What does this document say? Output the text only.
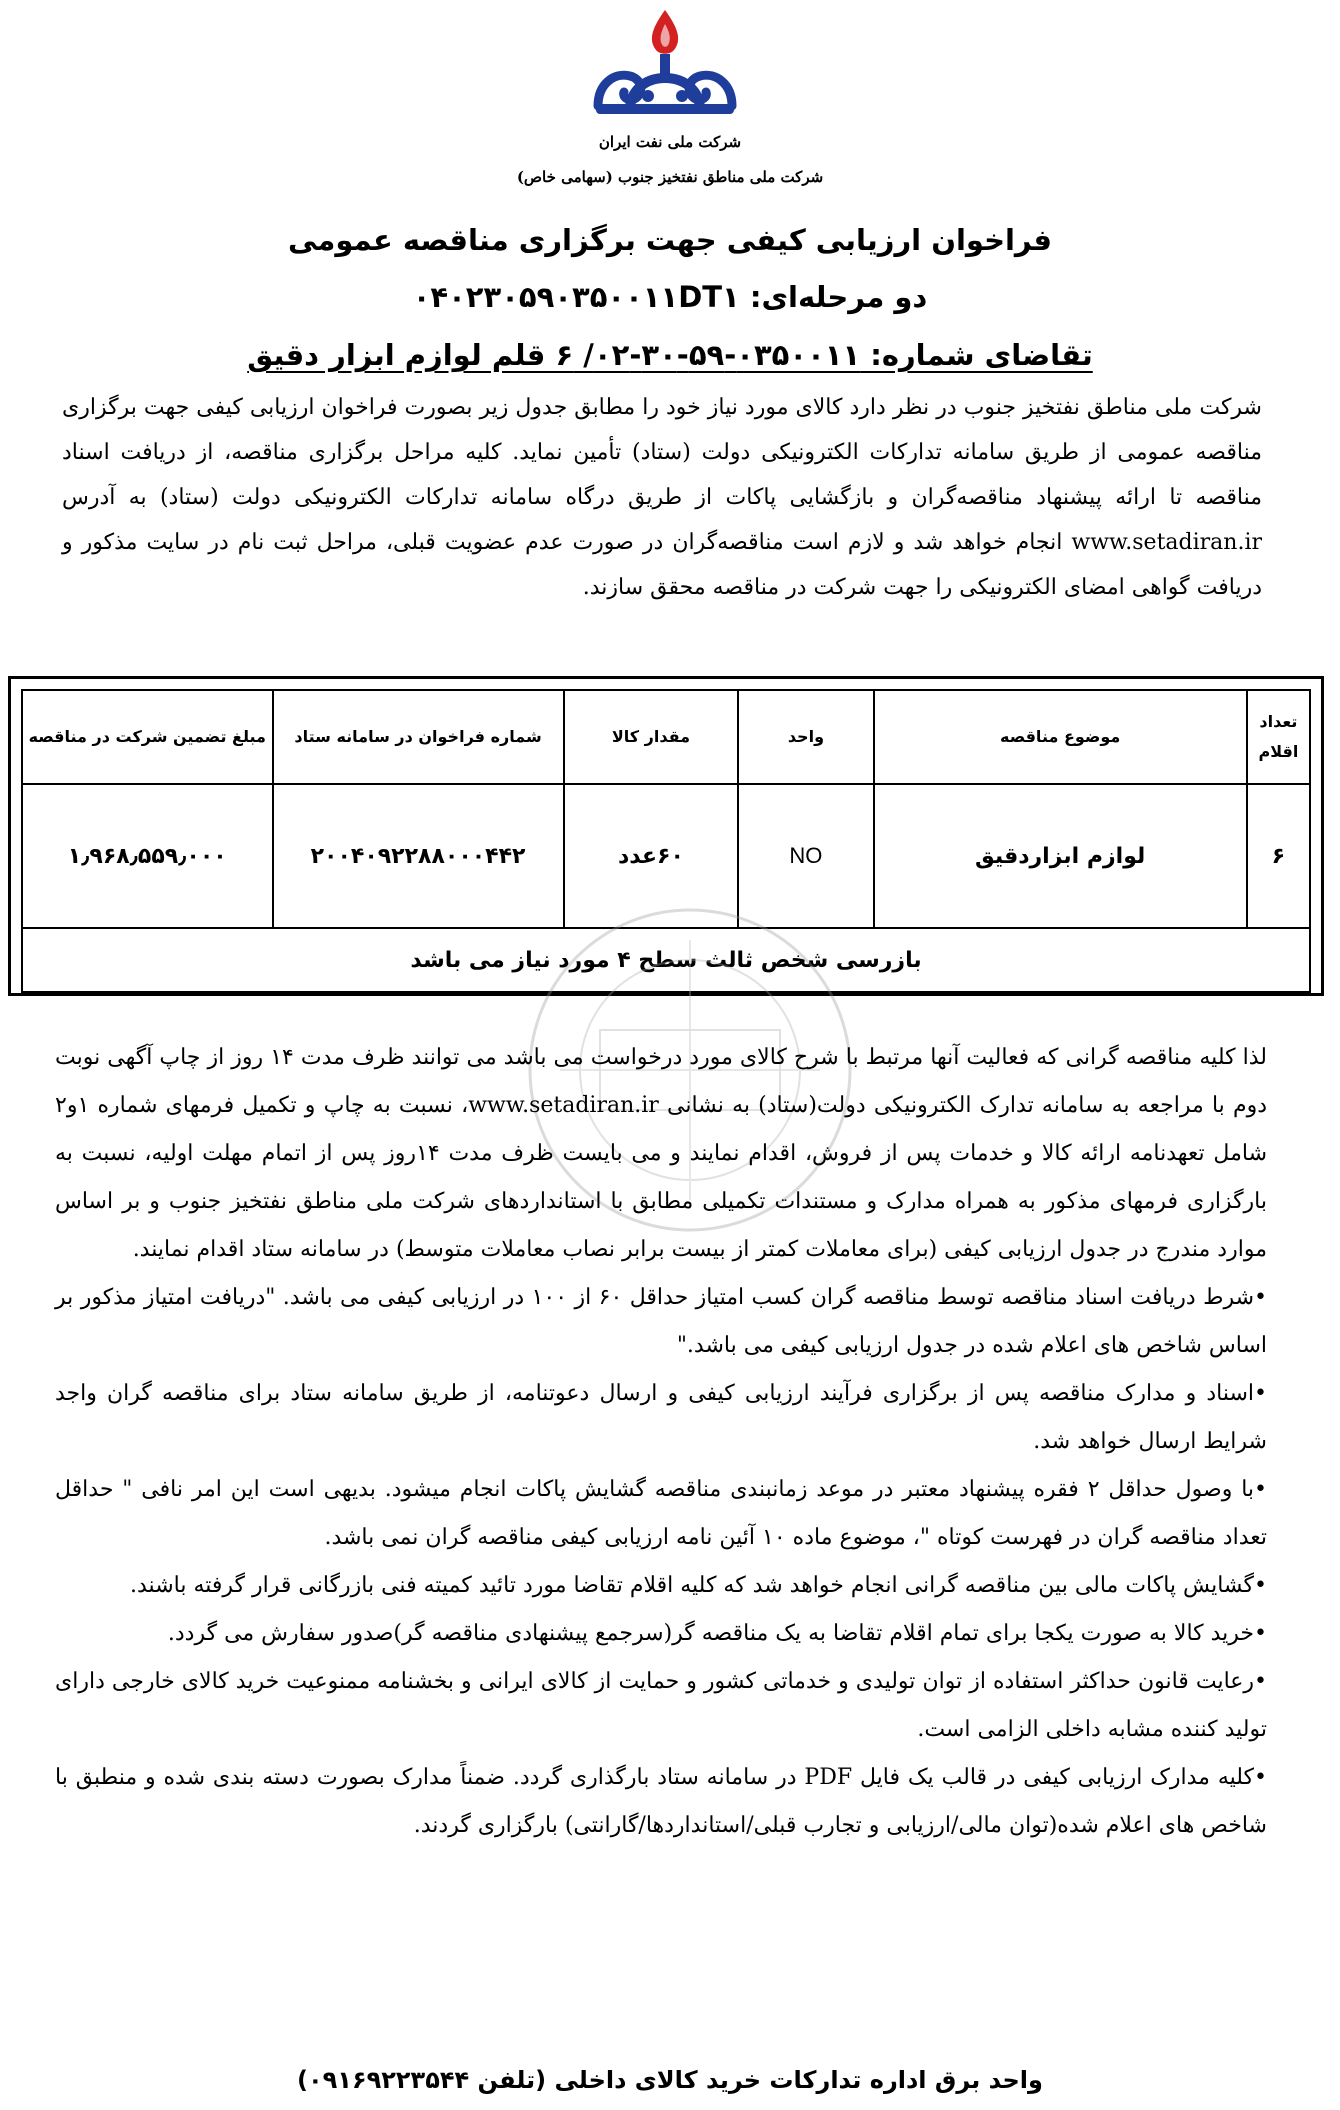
شرکت ملی نفت ایران
شرکت ملی مناطق نفتخیز جنوب (سهامی خاص)
فراخوان ارزیابی کیفی جهت برگزاری مناقصه عمومی
دو مرحله‌ای: ۰۴۰۲۳۰۵۹۰۳۵۰۰۱۱DT۱
تقاضای شماره: ۰۳۵۰۰۱۱-۵۹-۳۰-۰۲/ ۶ قلم لوازم ابزار دقیق
شرکت ملی مناطق نفتخیز جنوب در نظر دارد کالای مورد نیاز خود را مطابق جدول زیر بصورت فراخوان ارزیابی کیفی جهت برگزاری مناقصه عمومی از طریق سامانه تدارکات الکترونیکی دولت (ستاد) تأمین نماید. کلیه مراحل برگزاری مناقصه، از دریافت اسناد مناقصه تا ارائه پیشنهاد مناقصه‌گران و بازگشایی پاکات از طریق درگاه سامانه تدارکات الکترونیکی دولت (ستاد) به آدرس www.setadiran.ir انجام خواهد شد و لازم است مناقصه‌گران در صورت عدم عضویت قبلی، مراحل ثبت نام در سایت مذکور و دریافت گواهی امضای الکترونیکی را جهت شرکت در مناقصه محقق سازند.
تعداد اقلام	موضوع مناقصه	واحد	مقدار کالا	شماره فراخوان در سامانه ستاد	مبلغ تضمین شرکت در مناقصه
۶	لوازم ابزاردقیق	NO	۶۰عدد	۲۰۰۴۰۹۲۲۸۸۰۰۰۴۴۲	۱٫۹۶۸٫۵۵۹٫۰۰۰
بازرسی شخص ثالث سطح ۴ مورد نیاز می باشد					

لذا کلیه مناقصه گرانی که فعالیت آنها مرتبط با شرح کالای مورد درخواست می باشد می توانند ظرف مدت ۱۴ روز از چاپ آگهی نوبت دوم با مراجعه به سامانه تدارک الکترونیکی دولت(ستاد) به نشانی www.setadiran.ir، نسبت به چاپ و تکمیل فرمهای شماره ۱و۲ شامل تعهدنامه ارائه کالا و خدمات پس از فروش، اقدام نمایند و می بایست ظرف مدت ۱۴روز پس از اتمام مهلت اولیه، نسبت به بارگزاری فرمهای مذکور به همراه مدارک و مستندات تکمیلی مطابق با استانداردهای شرکت ملی مناطق نفتخیز جنوب و بر اساس موارد مندرج در جدول ارزیابی کیفی (برای معاملات کمتر از بیست برابر نصاب معاملات متوسط) در سامانه ستاد اقدام نمایند.

•شرط دریافت اسناد مناقصه توسط مناقصه گران کسب امتیاز حداقل ۶۰ از ۱۰۰ در ارزیابی کیفی می باشد. "دریافت امتیاز مذکور بر اساس شاخص های اعلام شده در جدول ارزیابی کیفی می باشد."

•اسناد و مدارک مناقصه پس از برگزاری فرآیند ارزیابی کیفی و ارسال دعوتنامه، از طریق سامانه ستاد برای مناقصه گران واجد شرایط ارسال خواهد شد.

•با وصول حداقل ۲ فقره پیشنهاد معتبر در موعد زمانبندی مناقصه گشایش پاکات انجام میشود. بدیهی است این امر نافی " حداقل تعداد مناقصه گران در فهرست کوتاه "، موضوع ماده ۱۰ آئین نامه ارزیابی کیفی مناقصه گران نمی باشد.

•گشایش پاکات مالی بین مناقصه گرانی انجام خواهد شد که کلیه اقلام تقاضا مورد تائید کمیته فنی بازرگانی قرار گرفته باشند.

•خرید کالا به صورت یکجا برای تمام اقلام تقاضا به یک مناقصه گر(سرجمع پیشنهادی مناقصه گر)صدور سفارش می گردد.

•رعایت قانون حداکثر استفاده از توان تولیدی و خدماتی کشور و حمایت از کالای ایرانی و بخشنامه ممنوعیت خرید کالای خارجی دارای تولید کننده مشابه داخلی الزامی است.

•کلیه مدارک ارزیابی کیفی در قالب یک فایل PDF در سامانه ستاد بارگذاری گردد. ضمناً مدارک بصورت دسته بندی شده و منطبق با شاخص های اعلام شده(توان مالی/ارزیابی و تجارب قبلی/استانداردها/گارانتی) بارگزاری گردند.

واحد برق اداره تدارکات خرید کالای داخلی (تلفن ۰۹۱۶۹۲۲۳۵۴۴)
